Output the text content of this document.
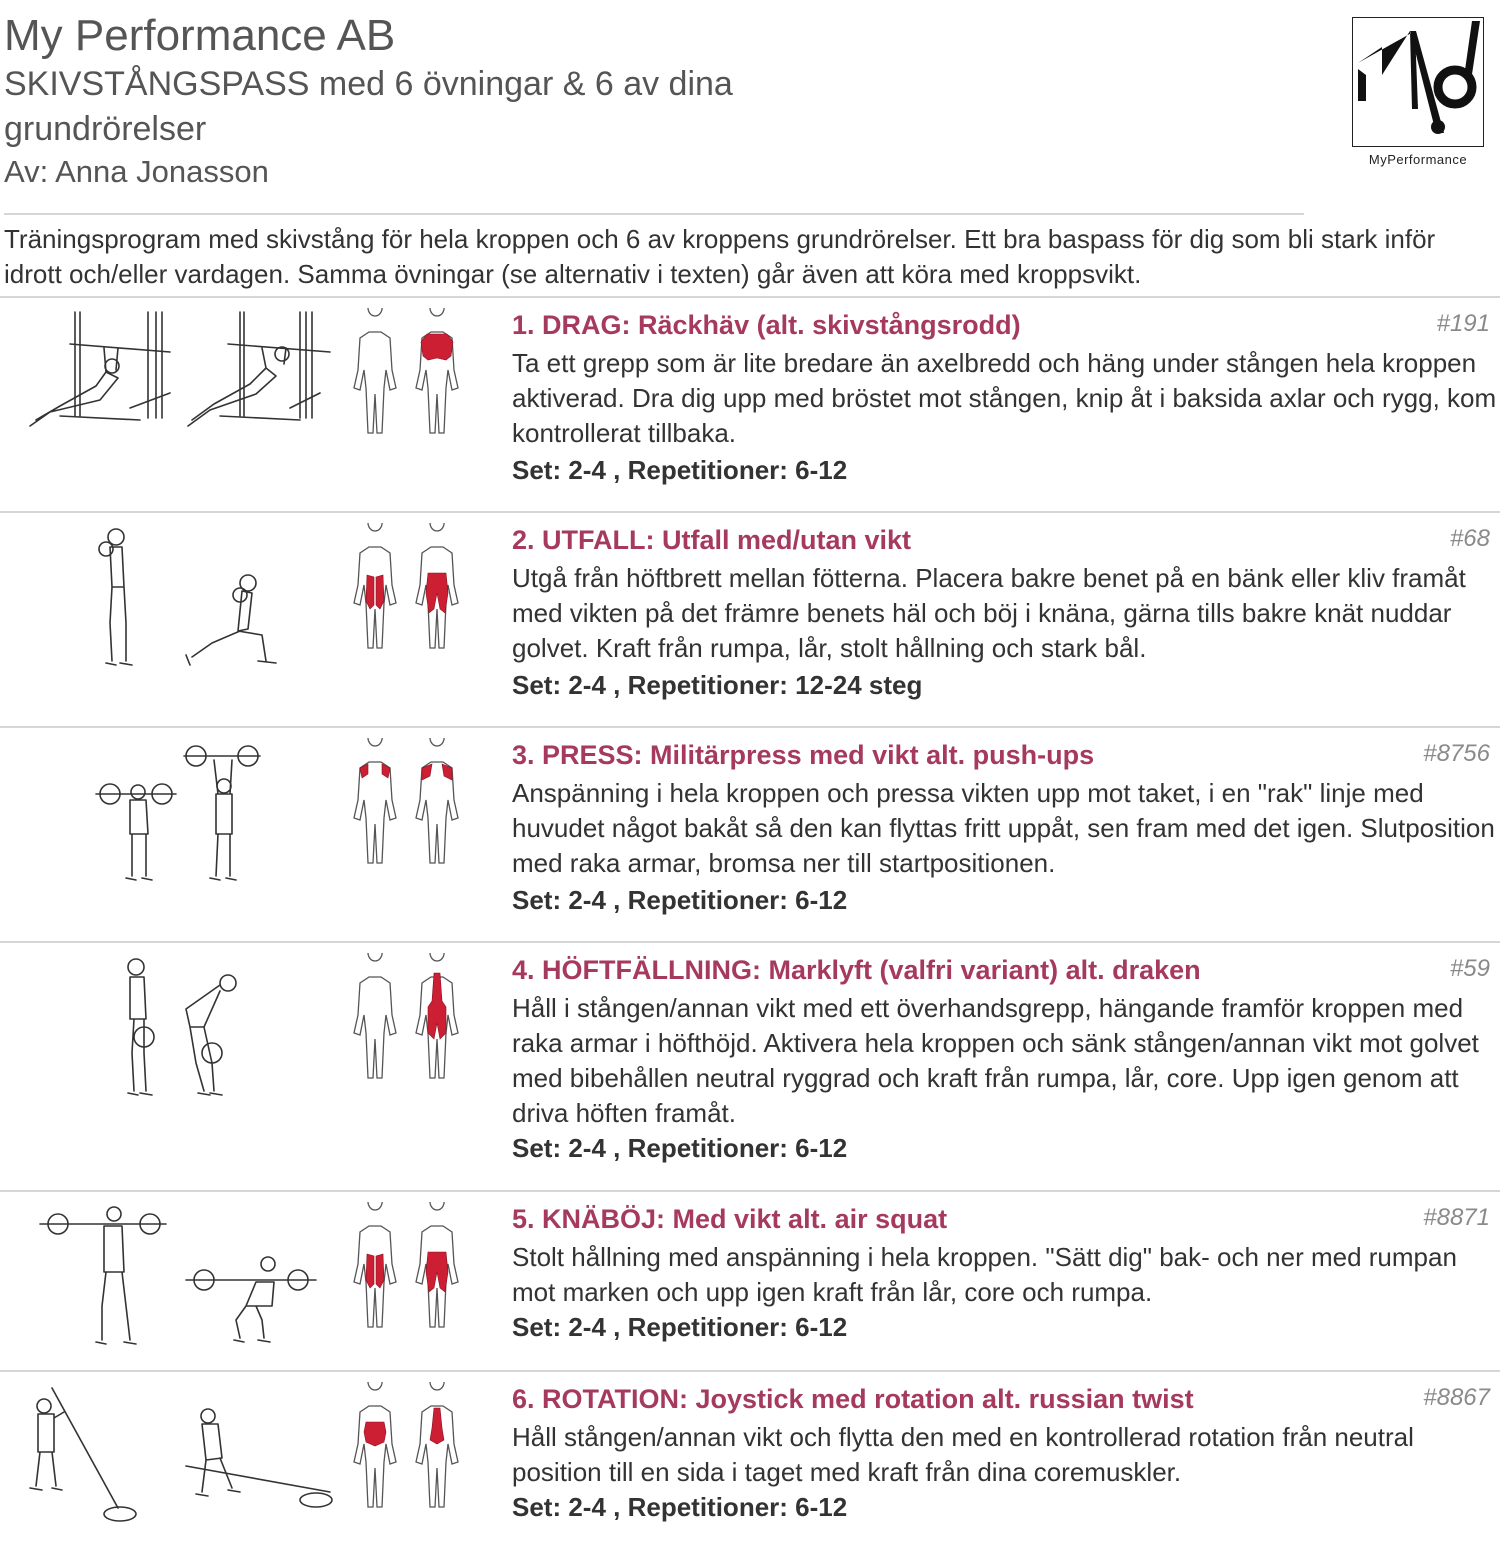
My Performance AB

SKIVSTÅNGSPASS med 6 övningar & 6 av dina grundrörelser

Av: Anna Jonasson	MyPerformance

Träningsprogram med skivstång för hela kroppen och 6 av kroppens grundrörelser. Ett bra baspass för dig som bli stark inför idrott och/eller vardagen. Samma övningar (se alternativ i texten) går även att köra med kroppsvikt.

1. DRAG: Räckhäv (alt. skivstångsrodd)	#191

Ta ett grepp som är lite bredare än axelbredd och häng under stången hela kroppen aktiverad. Dra dig upp med bröstet mot stången, knip åt i baksida axlar och rygg, kom kontrollerat tillbaka.

Set: 2-4 , Repetitioner: 6-12
2. UTFALL: Utfall med/utan vikt	#68

Utgå från höftbrett mellan fötterna. Placera bakre benet på en bänk eller kliv framåt med vikten på det främre benets häl och böj i knäna, gärna tills bakre knät nuddar golvet. Kraft från rumpa, lår, stolt hållning och stark bål.

Set: 2-4 , Repetitioner: 12-24 steg
3. PRESS: Militärpress med vikt alt. push-ups	#8756

Anspänning i hela kroppen och pressa vikten upp mot taket, i en "rak" linje med huvudet något bakåt så den kan flyttas fritt uppåt, sen fram med det igen. Slutposition med raka armar, bromsa ner till startpositionen.

Set: 2-4 , Repetitioner: 6-12
4. HÖFTFÄLLNING: Marklyft (valfri variant) alt. draken	#59

Håll i stången/annan vikt med ett överhandsgrepp, hängande framför kroppen med raka armar i höfthöjd. Aktivera hela kroppen och sänk stången/annan vikt mot golvet med bibehållen neutral ryggrad och kraft från rumpa, lår, core. Upp igen genom att driva höften framåt.

Set: 2-4 , Repetitioner: 6-12
5. KNÄBÖJ: Med vikt alt. air squat	#8871

Stolt hållning med anspänning i hela kroppen. "Sätt dig" bak- och ner med rumpan mot marken och upp igen kraft från lår, core och rumpa.

Set: 2-4 , Repetitioner: 6-12
6. ROTATION: Joystick med rotation alt. russian twist	#8867

Håll stången/annan vikt och flytta den med en kontrollerad rotation från neutral position till en sida i taget med kraft från dina coremuskler.

Set: 2-4 , Repetitioner: 6-12
